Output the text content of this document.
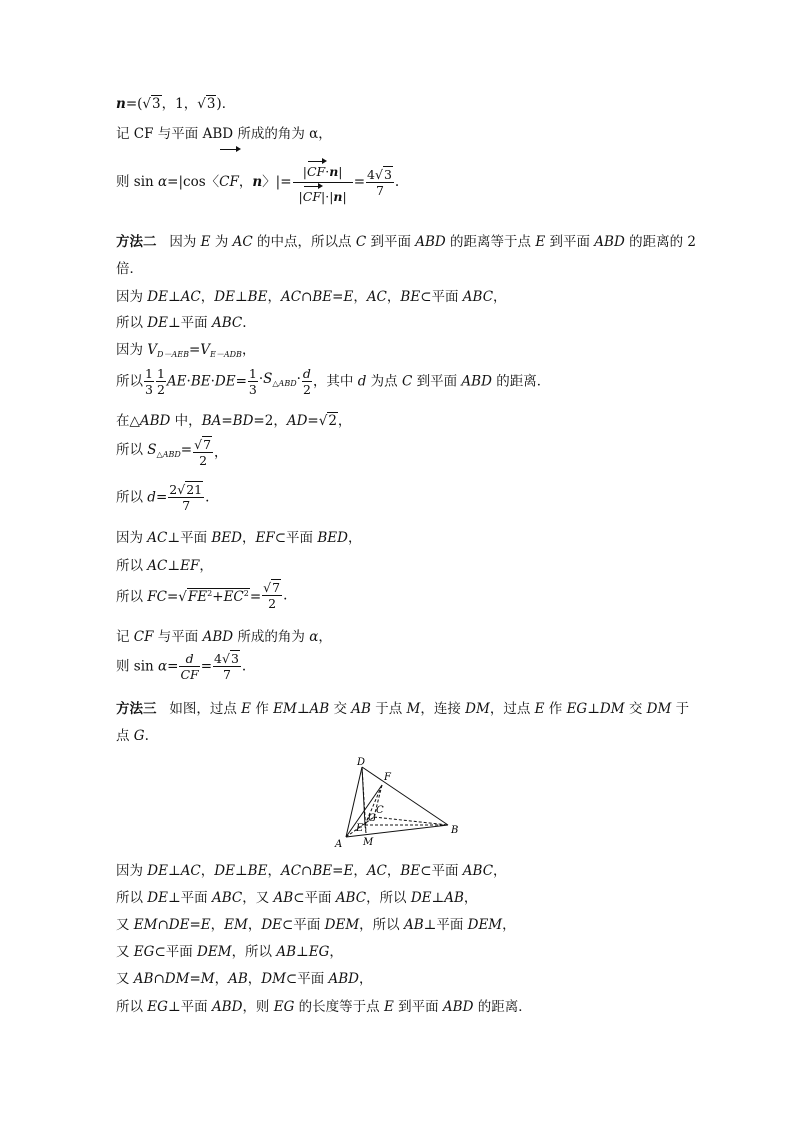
n=(√3，1，√3)．
记 CF 与平面 ABD 所成的角为 α，
则 sin α=|cos〈CF，n〉|= $\frac{|CF\cdot n|}{|CF|\cdot|n|} = \frac{4√3}{7}$ .
方法二   因为 E 为 AC 的中点，所以点 C 到平面 ABD 的距离等于点 E 到平面 ABD 的距离的 2
倍．
因为 DE⊥AC，DE⊥BE，AC∩BE=E，AC，BE⊂平面 ABC，
所以 DE⊥平面 ABC.
因为 $V_{D-AEB}=V_{E-ADB}$，
所以 $\frac{1}{3} \frac{1}{2} AE\cdot BE\cdot DE= \frac{1}{3} \cdot S_{\triangle ABD}\cdot \frac{d}{2}$ ，其中 d 为点 C 到平面 ABD 的距离．
在△ABD 中，BA=BD=2，AD=√2，
所以 $S_{\triangle ABD}= \frac{√7}{2}$ ，
所以 $d= \frac{2√21}{7}$ .
因为 AC⊥平面 BED，EF⊂平面 BED，
所以 AC⊥EF，
所以 $FC=√FE^2+EC^2= \frac{√7}{2}$ .
记 CF 与平面 ABD 所成的角为 α，
则 $\sin \alpha= \frac{d}{CF} = \frac{4√3}{7}$ .
方法三   如图，过点 E 作 EM⊥AB 交 AB 于点 M，连接 DM，过点 E 作 EG⊥DM 交 DM 于
点 G.
D
F
C
G
E
A M
B
因为 DE⊥AC，DE⊥BE，AC∩BE=E，AC，BE⊂平面 ABC，
所以 DE⊥平面 ABC，又 AB⊂平面 ABC，所以 DE⊥AB，
又 EM∩DE=E，EM，DE⊂平面 DEM，所以 AB⊥平面 DEM，
又 EG⊂平面 DEM，所以 AB⊥EG，
又 AB∩DM=M，AB，DM⊂平面 ABD，
所以 EG⊥平面 ABD，则 EG 的长度等于点 E 到平面 ABD 的距离．
